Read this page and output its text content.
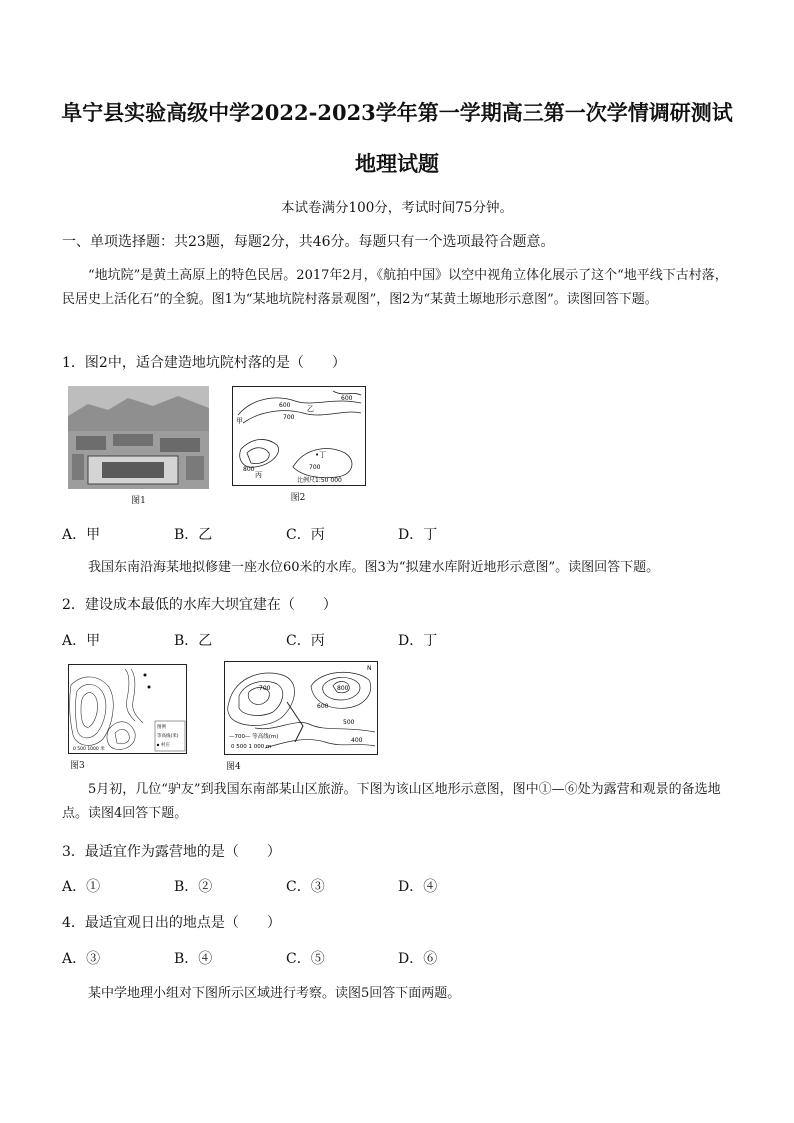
阜宁县实验高级中学2022-2023学年第一学期高三第一次学情调研测试
地理试题
本试卷满分100分，考试时间75分钟。
一、单项选择题：共23题，每题2分，共46分。每题只有一个选项最符合题意。
“地坑院”是黄土高原上的特色民居。2017年2月，《航拍中国》以空中视角立体化展示了这个“地平线下古村落，民居史上活化石”的全貌。图1为“某地坑院村落景观图”，图2为“某黄土塬地形示意图”。读图回答下题。
1．图2中，适合建造地坑院村落的是（　　）
图1
600
700
乙
600
甲
•丁
700
丙
800
比例尺1:50 000
图2
A．甲	B．乙	C．丙	D．丁
我国东南沿海某地拟修建一座水位60米的水库。图3为“拟建水库附近地形示意图”。读图回答下题。
2．建设成本最低的水库大坝宜建在（　　）
A．甲	B．乙	C．丙	D．丁
图例
等高线(米)
村庄
0 500 1000 米
图3
700	800
600
500
400
N
—700— 等高线(m)
0 500 1 000 m
图4
5月初，几位“驴友”到我国东南部某山区旅游。下图为该山区地形示意图，图中①—⑥处为露营和观景的备选地点。读图4回答下题。
3．最适宜作为露营地的是（　　）
A．①	B．②	C．③	D．④
4．最适宜观日出的地点是（　　）
A．③	B．④	C．⑤	D．⑥
某中学地理小组对下图所示区域进行考察。读图5回答下面两题。
